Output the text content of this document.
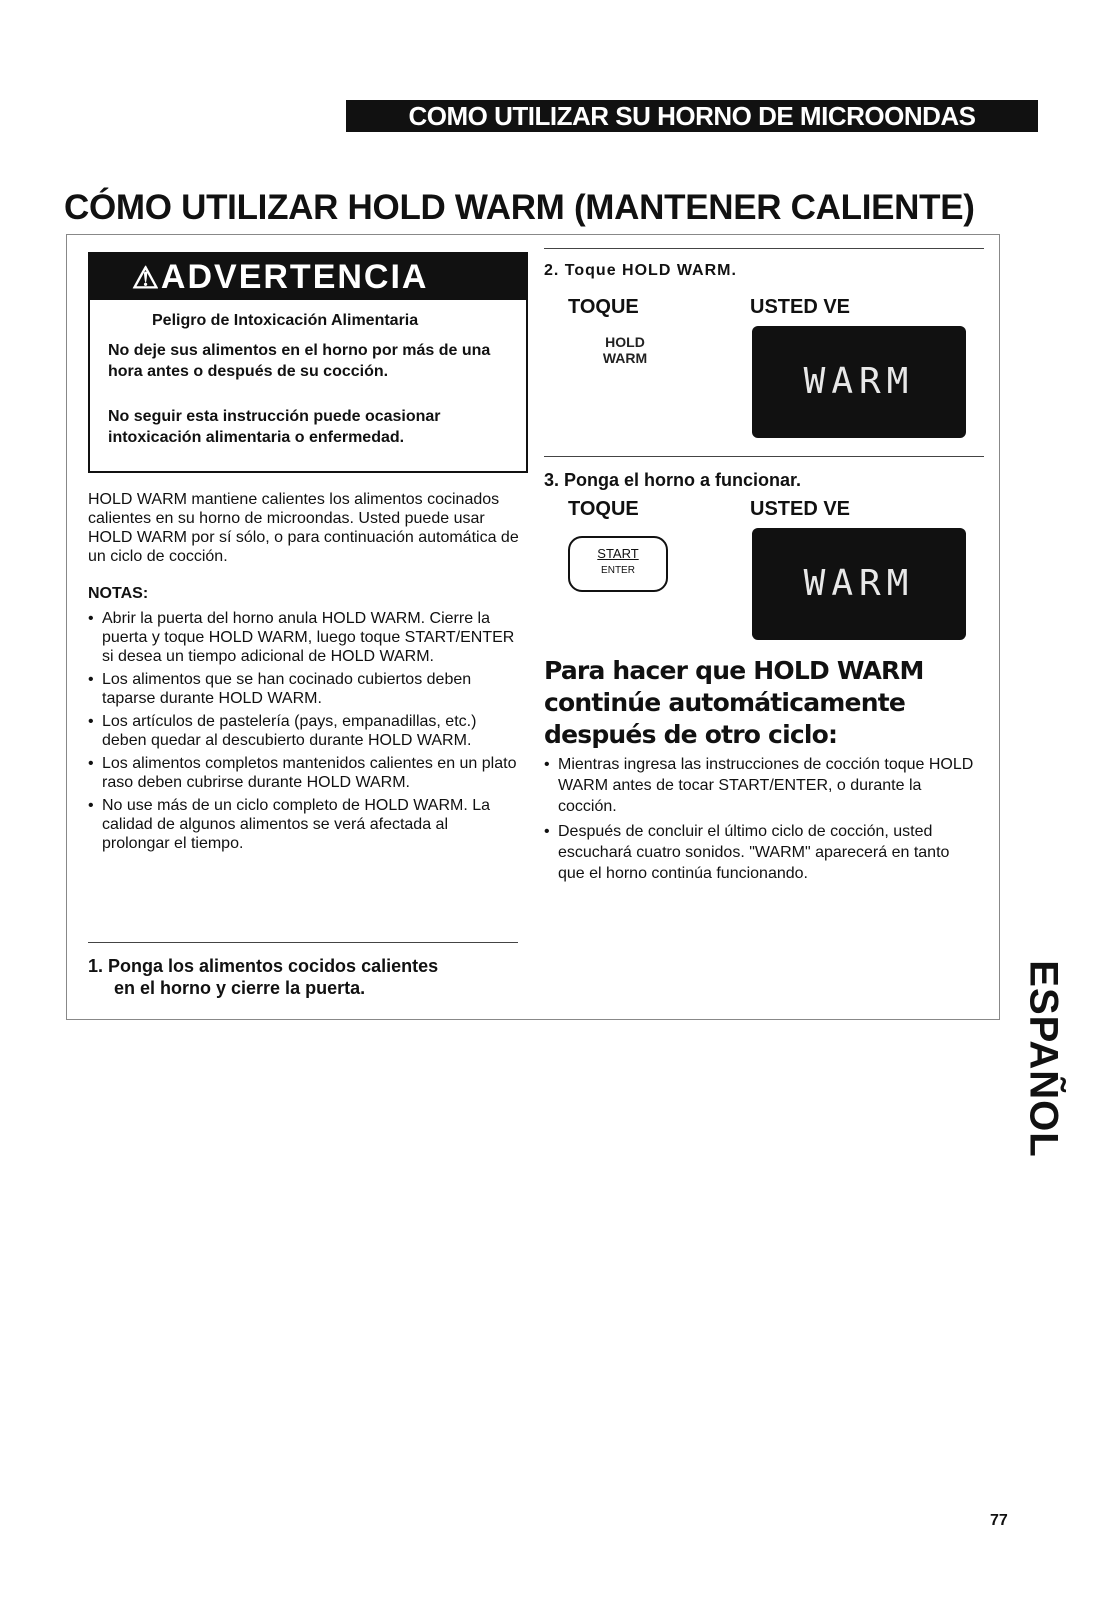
COMO UTILIZAR SU HORNO DE MICROONDAS
CÓMO UTILIZAR HOLD WARM (MANTENER CALIENTE)
⚠ADVERTENCIA
Peligro de Intoxicación Alimentaria
No deje sus alimentos en el horno por más de una hora antes o después de su cocción.
No seguir esta instrucción puede ocasionar intoxicación alimentaria o enfermedad.
HOLD WARM mantiene calientes los alimentos cocinados calientes en su horno de microondas. Usted puede usar HOLD WARM por sí sólo, o para continuación automática de un ciclo de cocción.
NOTAS:
• Abrir la puerta del horno anula HOLD WARM. Cierre la puerta y toque HOLD WARM, luego toque START/ENTER si desea un tiempo adicional de HOLD WARM.
• Los alimentos que se han cocinado cubiertos deben taparse durante HOLD WARM.
• Los artículos de pastelería (pays, empanadillas, etc.) deben quedar al descubierto durante HOLD WARM.
• Los alimentos completos mantenidos calientes en un plato raso deben cubrirse durante HOLD WARM.
• No use más de un ciclo completo de HOLD WARM. La calidad de algunos alimentos se verá afectada al prolongar el tiempo.
1. Ponga los alimentos cocidos calientes
en el horno y cierre la puerta.
2. Toque HOLD WARM.
TOQUE	USTED VE
HOLD
WARM
WARM
3. Ponga el horno a funcionar.
TOQUE	USTED VE
START
ENTER	WARM
Para hacer que HOLD WARM continúe automáticamente después de otro ciclo:
• Mientras ingresa las instrucciones de cocción toque HOLD WARM antes de tocar START/ENTER, o durante la cocción.
• Después de concluir el último ciclo de cocción, usted escuchará cuatro sonidos. "WARM" aparecerá en tanto que el horno continúa funcionando.
ESPAÑOL
77
